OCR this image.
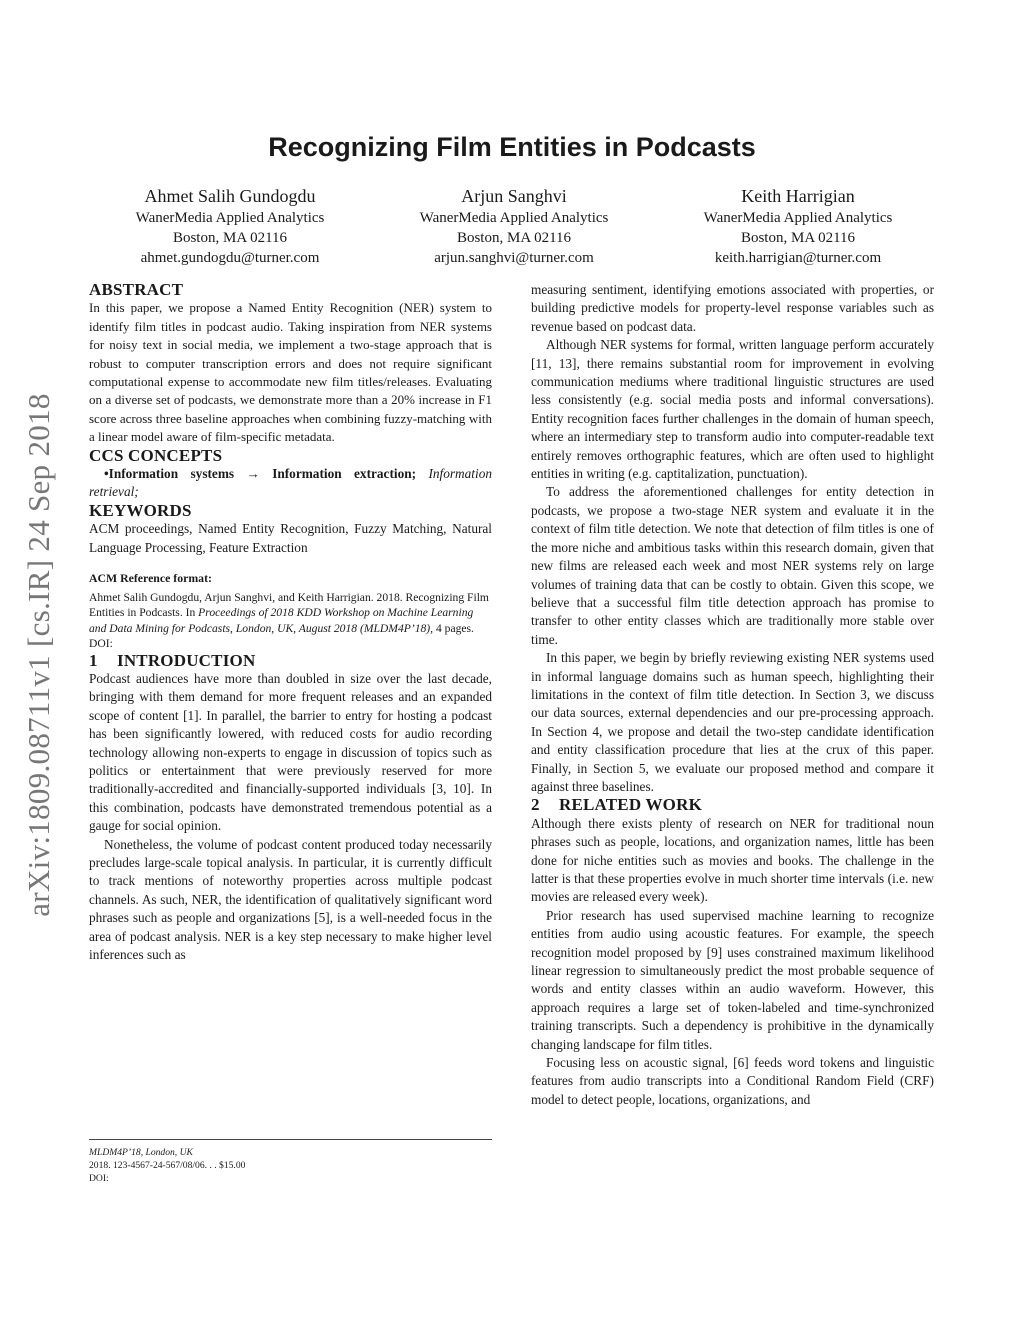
Recognizing Film Entities in Podcasts
Ahmet Salih Gundogdu
WanerMedia Applied Analytics
Boston, MA 02116
ahmet.gundogdu@turner.com
Arjun Sanghvi
WanerMedia Applied Analytics
Boston, MA 02116
arjun.sanghvi@turner.com
Keith Harrigian
WanerMedia Applied Analytics
Boston, MA 02116
keith.harrigian@turner.com
arXiv:1809.08711v1 [cs.IR] 24 Sep 2018
ABSTRACT

In this paper, we propose a Named Entity Recognition (NER) system to identify film titles in podcast audio. Taking inspiration from NER systems for noisy text in social media, we implement a two-stage approach that is robust to computer transcription errors and does not require significant computational expense to accommodate new film titles/releases. Evaluating on a diverse set of podcasts, we demonstrate more than a 20% increase in F1 score across three baseline approaches when combining fuzzy-matching with a linear model aware of film-specific metadata.

CCS CONCEPTS

•Information systems → Information extraction; Information retrieval;

KEYWORDS

ACM proceedings, Named Entity Recognition, Fuzzy Matching, Natural Language Processing, Feature Extraction

ACM Reference format:
Ahmet Salih Gundogdu, Arjun Sanghvi, and Keith Harrigian. 2018. Recognizing Film Entities in Podcasts. In Proceedings of 2018 KDD Workshop on Machine Learning and Data Mining for Podcasts, London, UK, August 2018 (MLDM4P’18), 4 pages.
DOI:
1 INTRODUCTION

Podcast audiences have more than doubled in size over the last decade, bringing with them demand for more frequent releases and an expanded scope of content [1]. In parallel, the barrier to entry for hosting a podcast has been significantly lowered, with reduced costs for audio recording technology allowing non-experts to engage in discussion of topics such as politics or entertainment that were previously reserved for more traditionally-accredited and financially-supported individuals [3, 10]. In this combination, podcasts have demonstrated tremendous potential as a gauge for social opinion.

Nonetheless, the volume of podcast content produced today necessarily precludes large-scale topical analysis. In particular, it is currently difficult to track mentions of noteworthy properties across multiple podcast channels. As such, NER, the identification of qualitatively significant word phrases such as people and organizations [5], is a well-needed focus in the area of podcast analysis. NER is a key step necessary to make higher level inferences such as

measuring sentiment, identifying emotions associated with properties, or building predictive models for property-level response variables such as revenue based on podcast data.

Although NER systems for formal, written language perform accurately [11, 13], there remains substantial room for improvement in evolving communication mediums where traditional linguistic structures are used less consistently (e.g. social media posts and informal conversations). Entity recognition faces further challenges in the domain of human speech, where an intermediary step to transform audio into computer-readable text entirely removes orthographic features, which are often used to highlight entities in writing (e.g. captitalization, punctuation).

To address the aforementioned challenges for entity detection in podcasts, we propose a two-stage NER system and evaluate it in the context of film title detection. We note that detection of film titles is one of the more niche and ambitious tasks within this research domain, given that new films are released each week and most NER systems rely on large volumes of training data that can be costly to obtain. Given this scope, we believe that a successful film title detection approach has promise to transfer to other entity classes which are traditionally more stable over time.

In this paper, we begin by briefly reviewing existing NER systems used in informal language domains such as human speech, highlighting their limitations in the context of film title detection. In Section 3, we discuss our data sources, external dependencies and our pre-processing approach. In Section 4, we propose and detail the two-step candidate identification and entity classification procedure that lies at the crux of this paper. Finally, in Section 5, we evaluate our proposed method and compare it against three baselines.

2 RELATED WORK

Although there exists plenty of research on NER for traditional noun phrases such as people, locations, and organization names, little has been done for niche entities such as movies and books. The challenge in the latter is that these properties evolve in much shorter time intervals (i.e. new movies are released every week).

Prior research has used supervised machine learning to recognize entities from audio using acoustic features. For example, the speech recognition model proposed by [9] uses constrained maximum likelihood linear regression to simultaneously predict the most probable sequence of words and entity classes within an audio waveform. However, this approach requires a large set of token-labeled and time-synchronized training transcripts. Such a dependency is prohibitive in the dynamically changing landscape for film titles.

Focusing less on acoustic signal, [6] feeds word tokens and linguistic features from audio transcripts into a Conditional Random Field (CRF) model to detect people, locations, organizations, and

MLDM4P’18, London, UK
2018. 123-4567-24-567/08/06. . . $15.00
DOI:
